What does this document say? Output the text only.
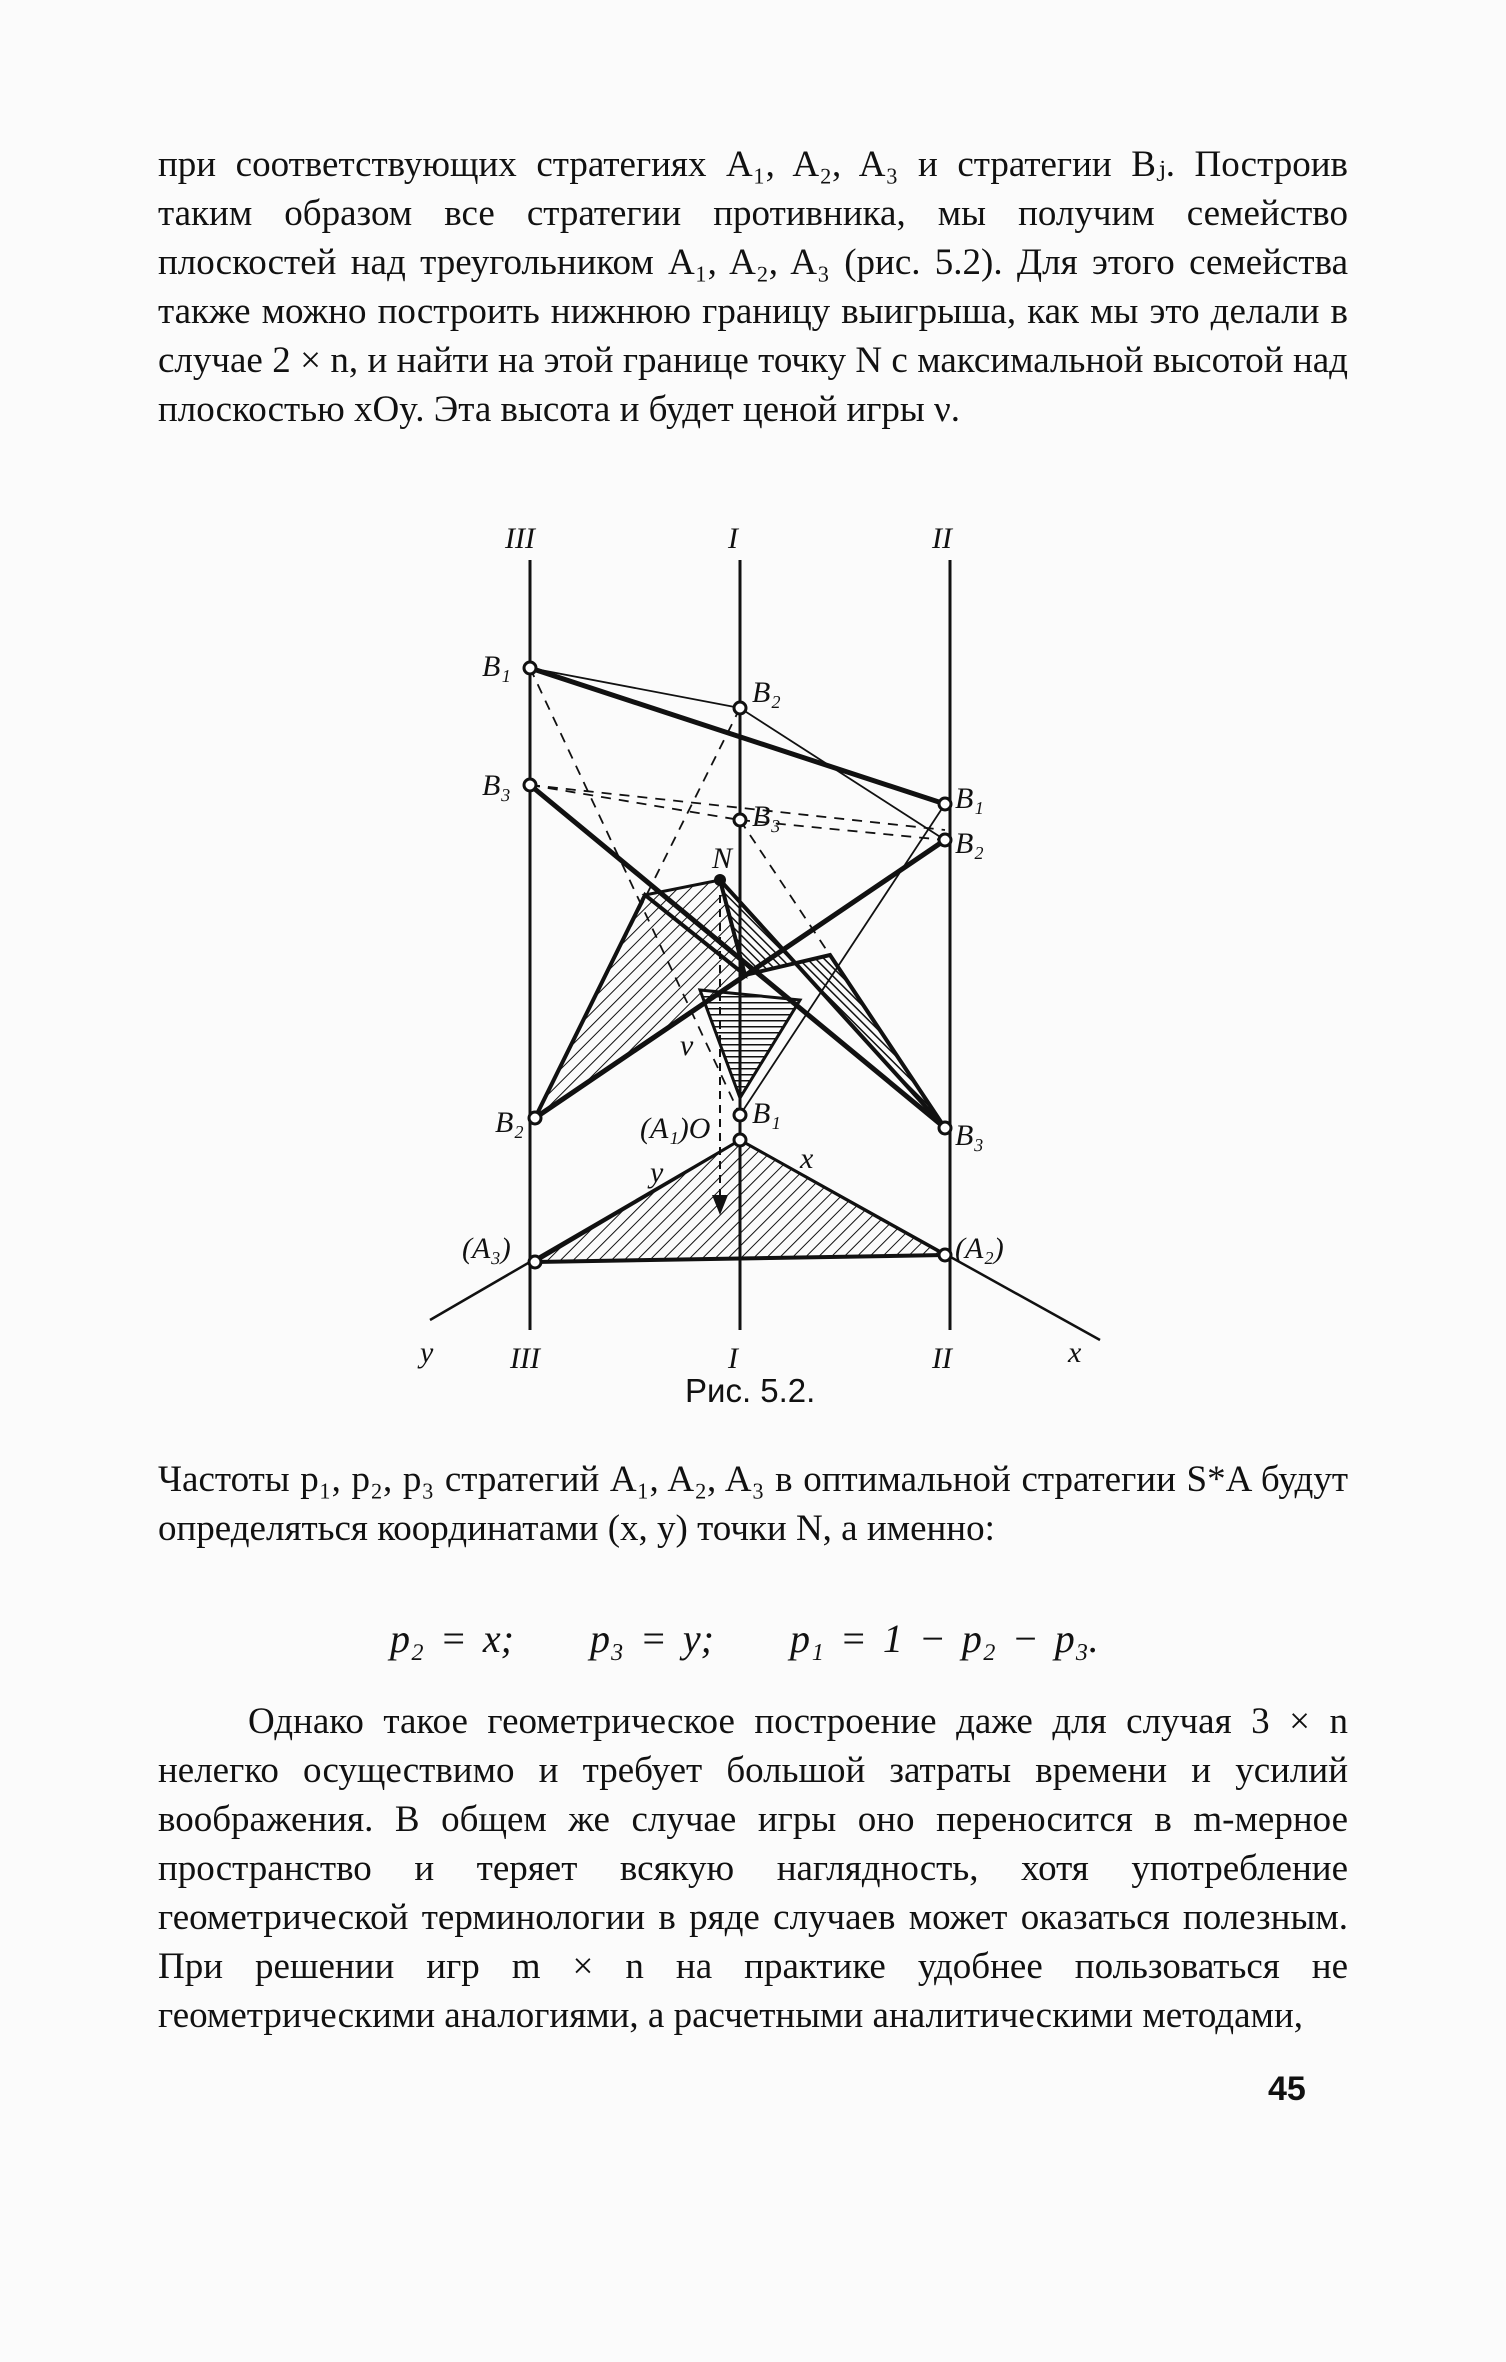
при соответствующих стратегиях A₁, A₂, A₃ и стратегии Bⱼ. Построив таким образом все стратегии противника, мы получим семейство плоскостей над треугольником A₁, A₂, A₃ (рис. 5.2). Для этого семейства также можно построить нижнюю границу выигрыша, как мы это делали в случае 2 × n, и найти на этой границе точку N с максимальной высотой над плоскостью xOy. Эта высота и будет ценой игры ν.
III	I	II
III	I	II
y	x
B₁
B₃
B₂
B₂
B₃
B₁
B₁
B₂
B₃
N
ν
(A₁)O
(A₃)	(A₂)
y	x
Рис. 5.2.
Частоты p₁, p₂, p₃ стратегий A₁, A₂, A₃ в оптимальной стратегии S*A будут определяться координатами (x, y) точки N, а именно:
p₂ = x; p₃ = y; p₁ = 1 − p₂ − p₃.
Однако такое геометрическое построение даже для случая 3 × n нелегко осуществимо и требует большой затраты времени и усилий воображения. В общем же случае игры оно переносится в m-мерное пространство и теряет всякую наглядность, хотя употребление геометрической терминологии в ряде случаев может оказаться полезным. При решении игр m × n на практике удобнее пользоваться не геометрическими аналогиями, а расчетными аналитическими методами,
45
